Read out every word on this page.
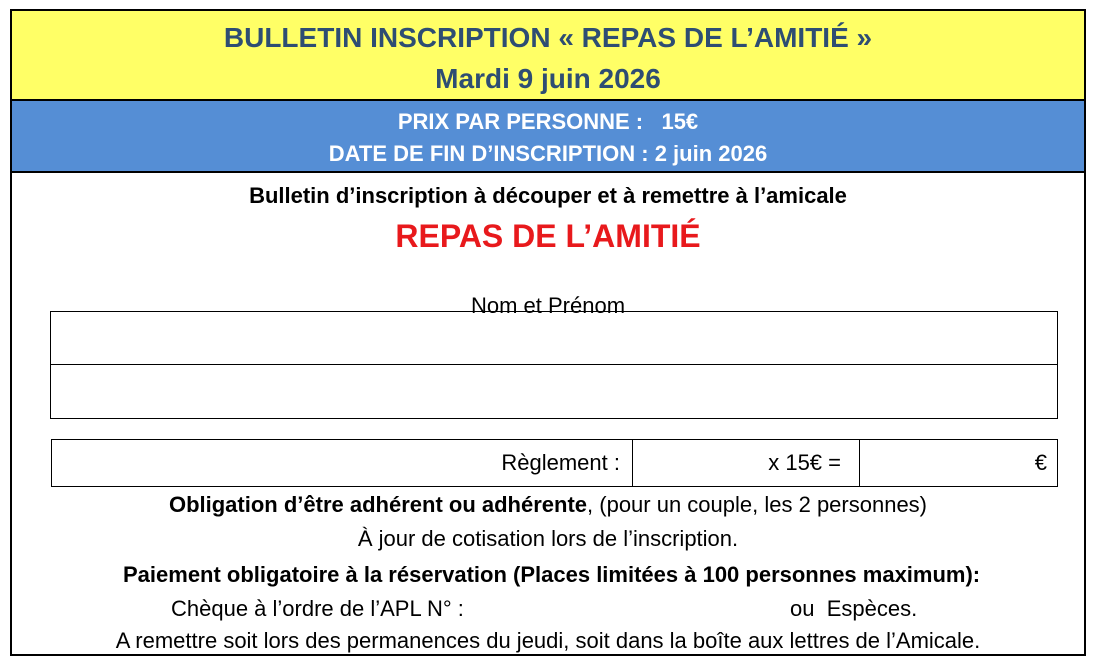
BULLETIN INSCRIPTION « REPAS DE L’AMITIÉ »
Mardi 9 juin 2026
PRIX PAR PERSONNE :   15€
DATE DE FIN D’INSCRIPTION : 2 juin 2026
Bulletin d’inscription à découper et à remettre à l’amicale
REPAS DE L’AMITIÉ
Nom et Prénom
Règlement :	x 15€ =	€
Obligation d’être adhérent ou adhérente, (pour un couple, les 2 personnes)
À jour de cotisation lors de l’inscription.
Paiement obligatoire à la réservation (Places limitées à 100 personnes maximum):
Chèque à l’ordre de l’APL N° :	ou  Espèces.
A remettre soit lors des permanences du jeudi, soit dans la boîte aux lettres de l’Amicale.
